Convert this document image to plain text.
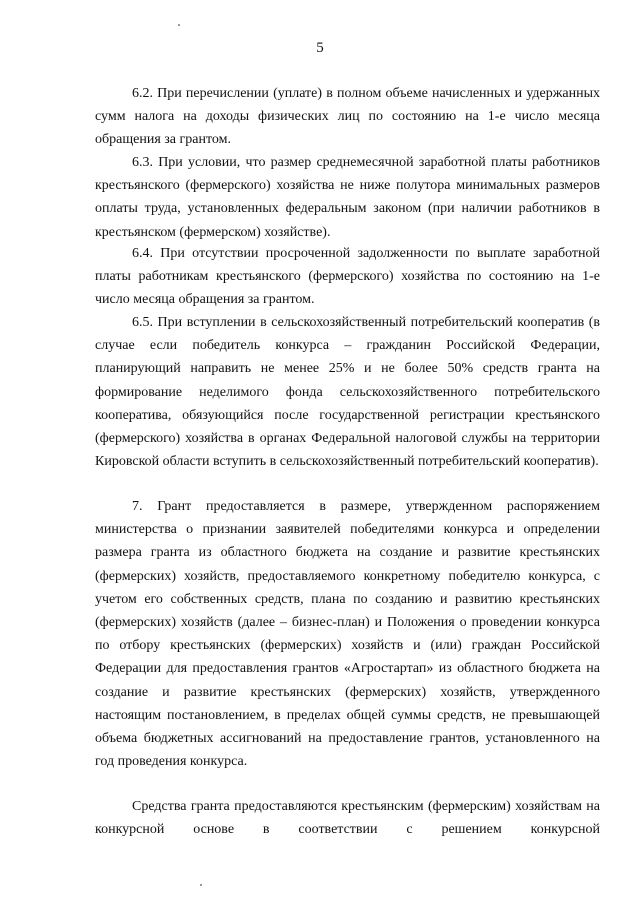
5

6.2. При перечислении (уплате) в полном объеме начисленных и удержанных сумм налога на доходы физических лиц по состоянию на 1-е число месяца обращения за грантом.

6.3. При условии, что размер среднемесячной заработной платы работников крестьянского (фермерского) хозяйства не ниже полутора минимальных размеров оплаты труда, установленных федеральным законом (при наличии работников в крестьянском (фермерском) хозяйстве).

6.4. При отсутствии просроченной задолженности по выплате заработной платы работникам крестьянского (фермерского) хозяйства по состоянию на 1-е число месяца обращения за грантом.

6.5. При вступлении в сельскохозяйственный потребительский кооператив (в случае если победитель конкурса – гражданин Российской Федерации, планирующий направить не менее 25% и не более 50% средств гранта на формирование неделимого фонда сельскохозяйственного потребительского кооператива, обязующийся после государственной регистрации крестьянского (фермерского) хозяйства в органах Федеральной налоговой службы на территории Кировской области вступить в сельскохозяйственный потребительский кооператив).

7. Грант предоставляется в размере, утвержденном распоряжением министерства о признании заявителей победителями конкурса и определении размера гранта из областного бюджета на создание и развитие крестьянских (фермерских) хозяйств, предоставляемого конкретному победителю конкурса, с учетом его собственных средств, плана по созданию и развитию крестьянских (фермерских) хозяйств (далее – бизнес-план) и Положения о проведении конкурса по отбору крестьянских (фермерских) хозяйств и (или) граждан Российской Федерации для предоставления грантов «Агростартап» из областного бюджета на создание и развитие крестьянских (фермерских) хозяйств, утвержденного настоящим постановлением, в пределах общей суммы средств, не превышающей объема бюджетных ассигнований на предоставление грантов, установленного на год проведения конкурса.

Средства гранта предоставляются крестьянским (фермерским) хозяйствам на конкурсной основе в соответствии с решением конкурсной
